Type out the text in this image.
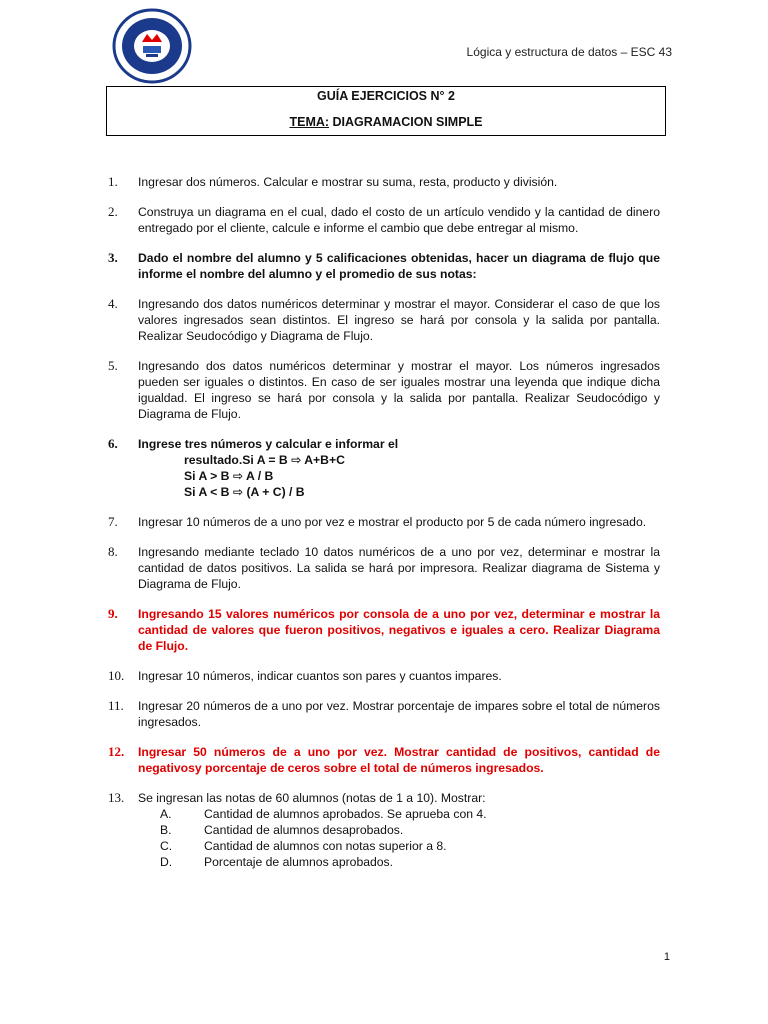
Lógica y estructura de datos – ESC 43
GUÍA EJERCICIOS N° 2
TEMA: DIAGRAMACION SIMPLE
1. Ingresar dos números. Calcular e mostrar su suma, resta, producto y división.
2. Construya un diagrama en el cual, dado el costo de un artículo vendido y la cantidad de dinero entregado por el cliente, calcule e informe el cambio que debe entregar al mismo.
3. Dado el nombre del alumno y 5 calificaciones obtenidas, hacer un diagrama de flujo que informe el nombre del alumno y el promedio de sus notas:
4. Ingresando dos datos numéricos determinar y mostrar el mayor. Considerar el caso de que los valores ingresados sean distintos. El ingreso se hará por consola y la salida por pantalla. Realizar Seudocódigo y Diagrama de Flujo.
5. Ingresando dos datos numéricos determinar y mostrar el mayor. Los números ingresados pueden ser iguales o distintos. En caso de ser iguales mostrar una leyenda que indique dicha igualdad. El ingreso se hará por consola y la salida por pantalla. Realizar Seudocódigo y Diagrama de Flujo.
6. Ingrese tres números y calcular e informar el
resultado.Si A = B ⇨ A+B+C
Si A > B ⇨ A / B
Si A < B ⇨ (A + C) / B
7. Ingresar 10 números de a uno por vez e mostrar el producto por 5 de cada número ingresado.
8. Ingresando mediante teclado 10 datos numéricos de a uno por vez, determinar e mostrar la cantidad de datos positivos. La salida se hará por impresora. Realizar diagrama de Sistema y Diagrama de Flujo.
9. Ingresando 15 valores numéricos por consola de a uno por vez, determinar e mostrar la cantidad de valores que fueron positivos, negativos e iguales a cero. Realizar Diagrama de Flujo.
10. Ingresar 10 números, indicar cuantos son pares y cuantos impares.
11. Ingresar 20 números de a uno por vez. Mostrar porcentaje de impares sobre el total de números ingresados.
12. Ingresar 50 números de a uno por vez. Mostrar cantidad de positivos, cantidad de negativosy porcentaje de ceros sobre el total de números ingresados.
13. Se ingresan las notas de 60 alumnos (notas de 1 a 10). Mostrar:
A.	Cantidad de alumnos aprobados. Se aprueba con 4.
B.	Cantidad de alumnos desaprobados.
C.	Cantidad de alumnos con notas superior a 8.
D.	Porcentaje de alumnos aprobados.
1
